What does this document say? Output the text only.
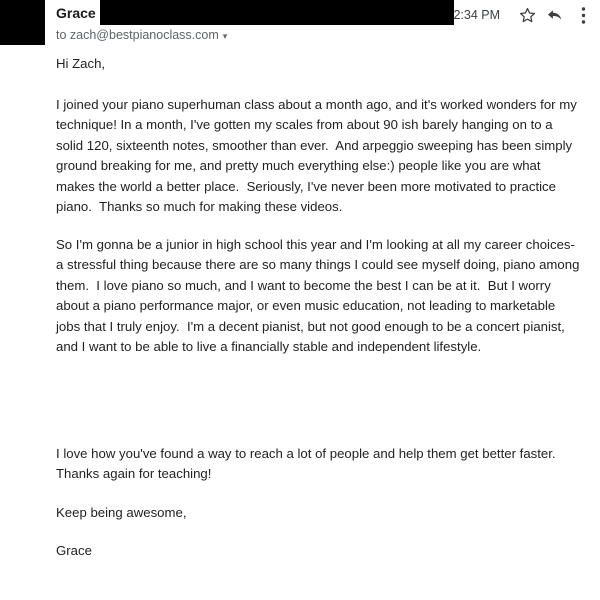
Grace
to zach@bestpianoclass.com ▾
2:34 PM

Hi Zach,

I joined your piano superhuman class about a month ago, and it's worked wonders for my technique! In a month, I've gotten my scales from about 90 ish barely hanging on to a solid 120, sixteenth notes, smoother than ever.  And arpeggio sweeping has been simply ground breaking for me, and pretty much everything else:) people like you are what makes the world a better place.  Seriously, I've never been more motivated to practice piano.  Thanks so much for making these videos.

So I'm gonna be a junior in high school this year and I'm looking at all my career choices- a stressful thing because there are so many things I could see myself doing, piano among them.  I love piano so much, and I want to become the best I can be at it.  But I worry about a piano performance major, or even music education, not leading to marketable jobs that I truly enjoy.  I'm a decent pianist, but not good enough to be a concert pianist, and I want to be able to live a financially stable and independent lifestyle.

I love how you've found a way to reach a lot of people and help them get better faster.  Thanks again for teaching!

Keep being awesome,

Grace
